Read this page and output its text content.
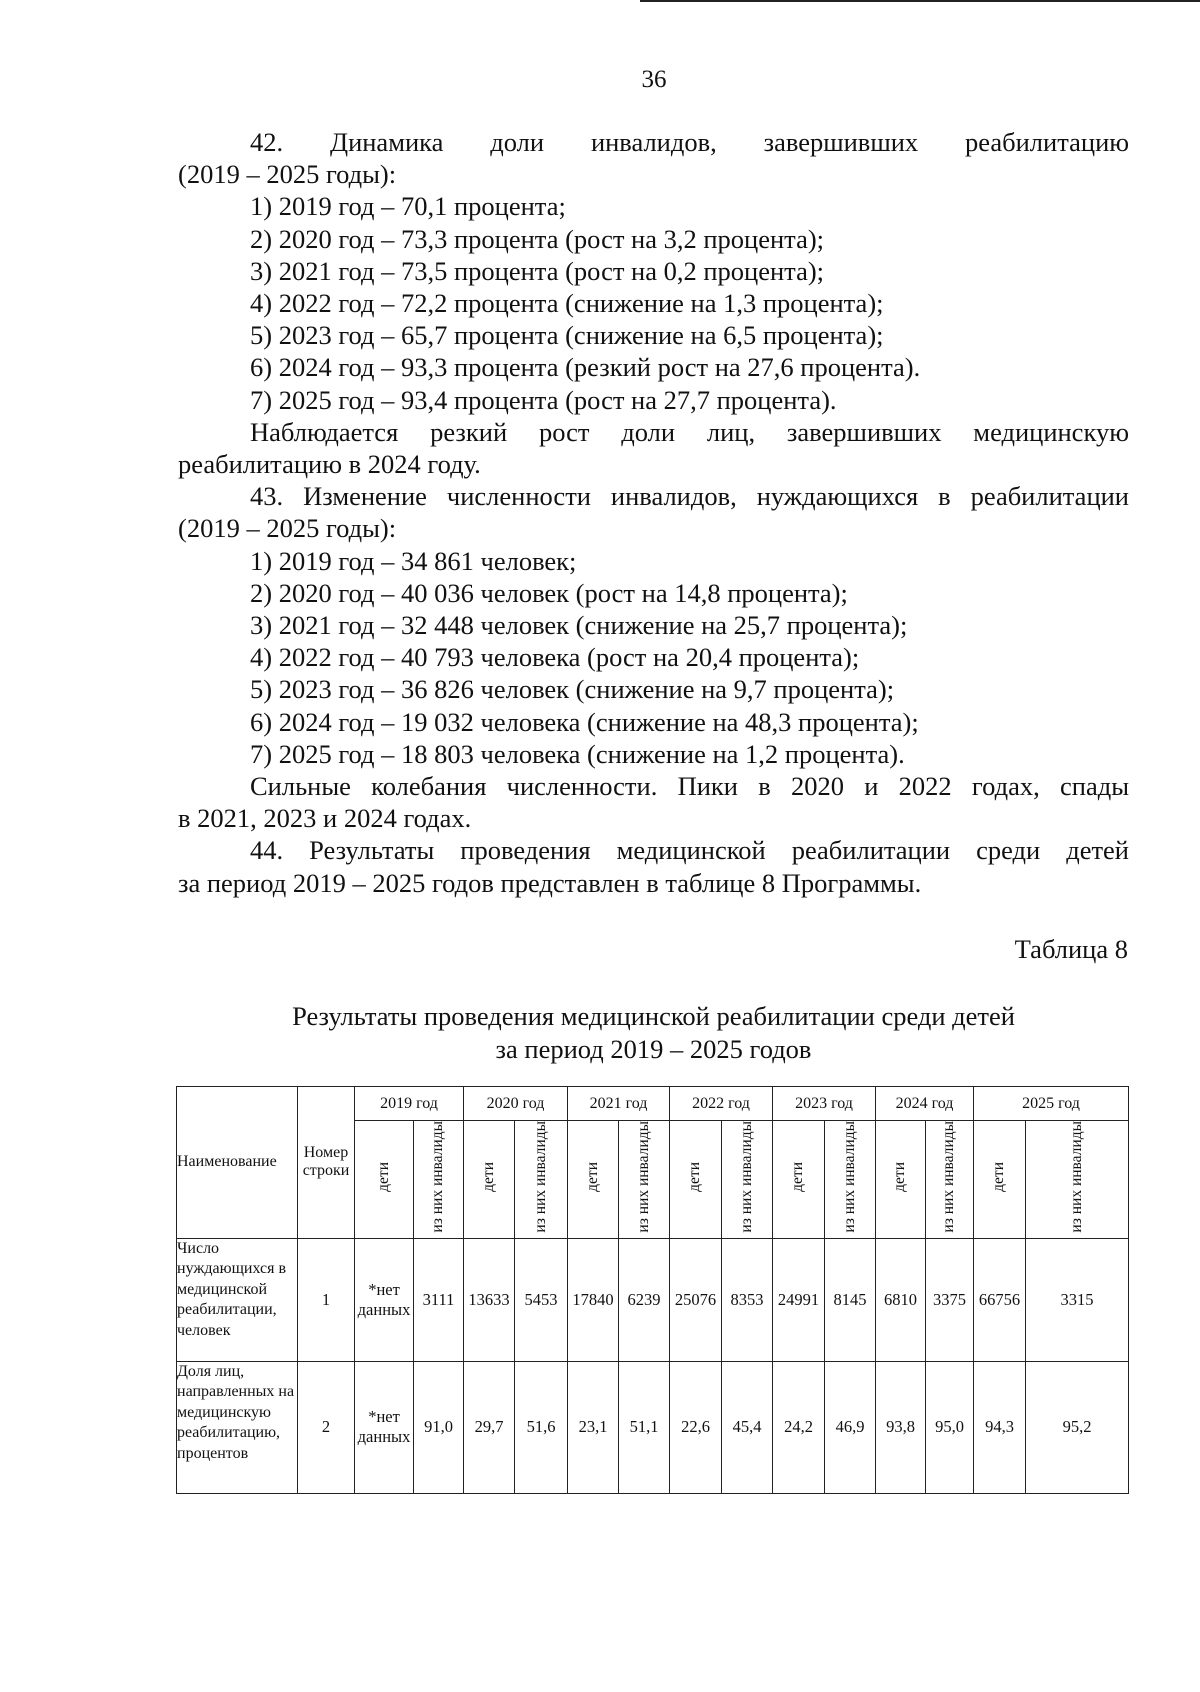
36

42. Динамика доли инвалидов, завершивших реабилитацию

(2019 – 2025 годы):

1) 2019 год – 70,1 процента;

2) 2020 год – 73,3 процента (рост на 3,2 процента);

3) 2021 год – 73,5 процента (рост на 0,2 процента);

4) 2022 год – 72,2 процента (снижение на 1,3 процента);

5) 2023 год – 65,7 процента (снижение на 6,5 процента);

6) 2024 год – 93,3 процента (резкий рост на 27,6 процента).

7) 2025 год – 93,4 процента (рост на 27,7 процента).

Наблюдается резкий рост доли лиц, завершивших медицинскую

реабилитацию в 2024 году.

43. Изменение численности инвалидов, нуждающихся в реабилитации

(2019 – 2025 годы):

1) 2019 год – 34 861 человек;

2) 2020 год – 40 036 человек (рост на 14,8 процента);

3) 2021 год – 32 448 человек (снижение на 25,7 процента);

4) 2022 год – 40 793 человека (рост на 20,4 процента);

5) 2023 год – 36 826 человек (снижение на 9,7 процента);

6) 2024 год – 19 032 человека (снижение на 48,3 процента);

7) 2025 год – 18 803 человека (снижение на 1,2 процента).

Сильные колебания численности. Пики в 2020 и 2022 годах, спады

в 2021, 2023 и 2024 годах.

44. Результаты проведения медицинской реабилитации среди детей

за период 2019 – 2025 годов представлен в таблице 8 Программы.

Таблица 8
Результаты проведения медицинской реабилитации среди детей
за период 2019 – 2025 годов
Наименование	Номер строки	2019 год		2020 год		2021 год		2022 год		2023 год		2024 год		2025 год	
		дети	из них инвалиды	дети	из них инвалиды	дети	из них инвалиды	дети	из них инвалиды	дети	из них инвалиды	дети	из них инвалиды	дети	из них инвалиды
Число нуждающихся в медицинской реабилитации, человек	1	*нет данных	3111	13633	5453	17840	6239	25076	8353	24991	8145	6810	3375	66756	3315
Доля лиц, направленных на медицинскую реабилитацию, процентов	2	*нет данных	91,0	29,7	51,6	23,1	51,1	22,6	45,4	24,2	46,9	93,8	95,0	94,3	95,2
